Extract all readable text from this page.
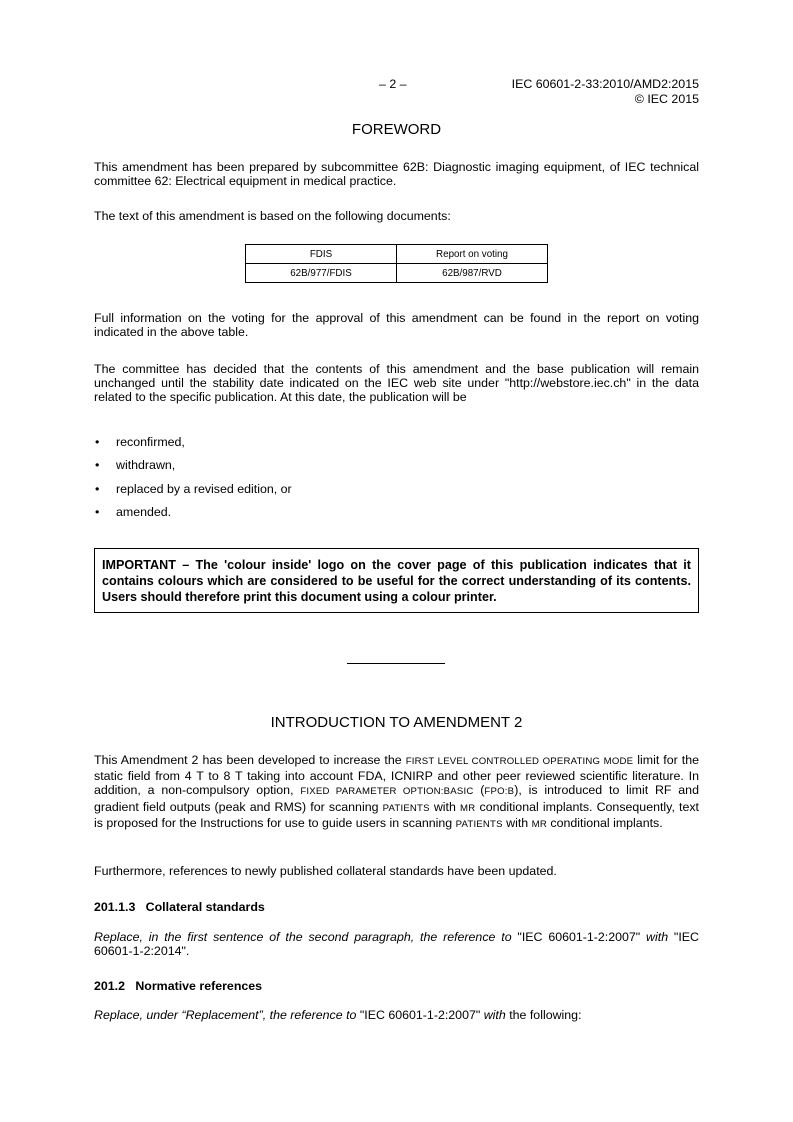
– 2 –	IEC 60601-2-33:2010/AMD2:2015
© IEC 2015
FOREWORD

This amendment has been prepared by subcommittee 62B: Diagnostic imaging equipment, of IEC technical committee 62: Electrical equipment in medical practice.

The text of this amendment is based on the following documents:

FDIS	Report on voting
62B/977/FDIS	62B/987/RVD

Full information on the voting for the approval of this amendment can be found in the report on voting indicated in the above table.

The committee has decided that the contents of this amendment and the base publication will remain unchanged until the stability date indicated on the IEC web site under "http://webstore.iec.ch" in the data related to the specific publication. At this date, the publication will be

• reconfirmed,
• withdrawn,
• replaced by a revised edition, or
• amended.
IMPORTANT – The 'colour inside' logo on the cover page of this publication indicates that it contains colours which are considered to be useful for the correct understanding of its contents. Users should therefore print this document using a colour printer.
INTRODUCTION TO AMENDMENT 2

This Amendment 2 has been developed to increase the FIRST LEVEL CONTROLLED OPERATING MODE limit for the static field from 4 T to 8 T taking into account FDA, ICNIRP and other peer reviewed scientific literature. In addition, a non-compulsory option, FIXED PARAMETER OPTION:BASIC (FPO:B), is introduced to limit RF and gradient field outputs (peak and RMS) for scanning PATIENTS with MR conditional implants. Consequently, text is proposed for the Instructions for use to guide users in scanning PATIENTS with MR conditional implants.

Furthermore, references to newly published collateral standards have been updated.

201.1.3   Collateral standards

Replace, in the first sentence of the second paragraph, the reference to "IEC 60601-1-2:2007" with "IEC 60601-1-2:2014".

201.2   Normative references

Replace, under “Replacement”, the reference to "IEC 60601-1-2:2007" with the following:
